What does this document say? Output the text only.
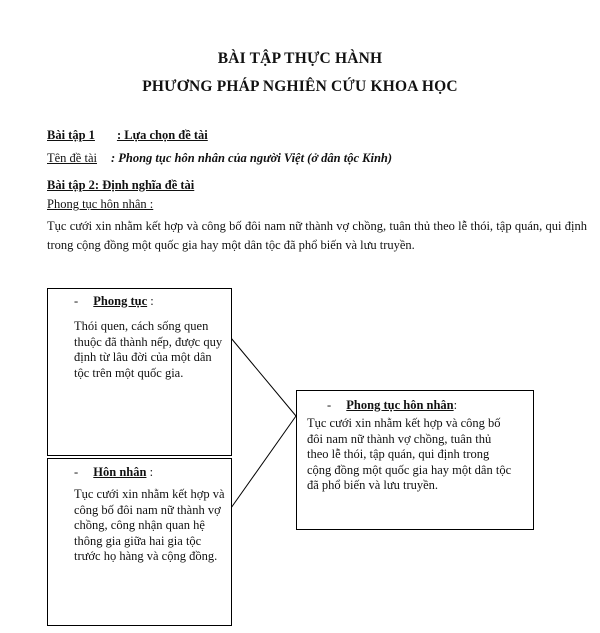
BÀI TẬP THỰC HÀNH
PHƯƠNG PHÁP NGHIÊN CỨU KHOA HỌC
Bài tập 1 : Lựa chọn đề tài
Tên đề tài : Phong tục hôn nhân của người Việt (ở dân tộc Kinh)
Bài tập 2: Định nghĩa đề tài
Phong tục hôn nhân :
Tục cưới xin nhằm kết hợp và công bố đôi nam nữ thành vợ chồng, tuân thủ theo lễ thói, tập quán, qui định trong cộng đồng một quốc gia hay một dân tộc đã phổ biến và lưu truyền.
- Phong tục :
Thói quen, cách sống quen thuộc đã thành nếp, được quy định từ lâu đời của một dân tộc trên một quốc gia.
- Hôn nhân :
Tục cưới xin nhằm kết hợp và công bố đôi nam nữ thành vợ chồng, công nhận quan hệ thông gia giữa hai gia tộc trước họ hàng và cộng đồng.
- Phong tục hôn nhân:
Tục cưới xin nhằm kết hợp và công bố đôi nam nữ thành vợ chồng, tuân thủ theo lễ thói, tập quán, qui định trong cộng đồng một quốc gia hay một dân tộc đã phổ biến và lưu truyền.
